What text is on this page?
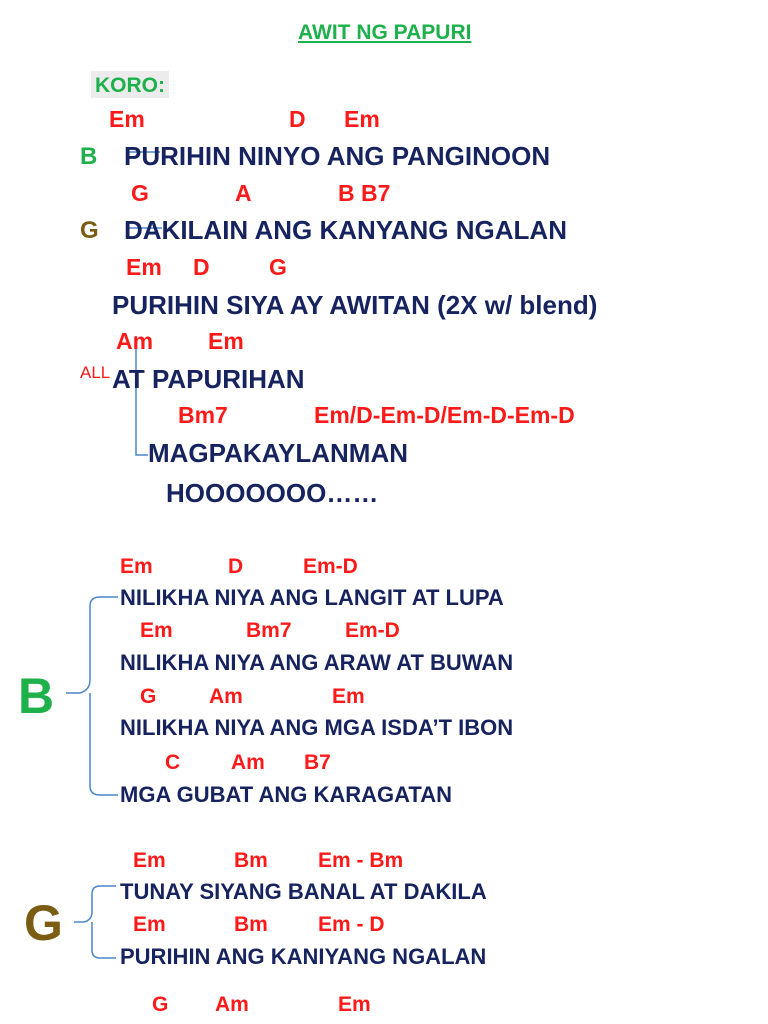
AWIT NG PAPURI
KORO:
Em	D Em
B PURIHIN NINYO ANG PANGINOON
G	A	B B7
G DAKILAIN ANG KANYANG NGALAN
Em D	G
PURIHIN SIYA AY AWITAN (2X w/ blend)
Am Em
ALL AT PAPURIHAN
Bm7	Em/D-Em-D/Em-D-Em-D
MAGPAKAYLANMAN
HOOOOOOO……
B
Em	D	Em-D
NILIKHA NIYA ANG LANGIT AT LUPA
Em	Bm7	Em-D
NILIKHA NIYA ANG ARAW AT BUWAN
G	Am	Em
NILIKHA NIYA ANG MGA ISDA’T IBON
C Am B7
MGA GUBAT ANG KARAGATAN
G
Em	Bm Em - Bm
TUNAY SIYANG BANAL AT DAKILA
Em	Bm Em - D
PURIHIN ANG KANIYANG NGALAN
G Am	Em
